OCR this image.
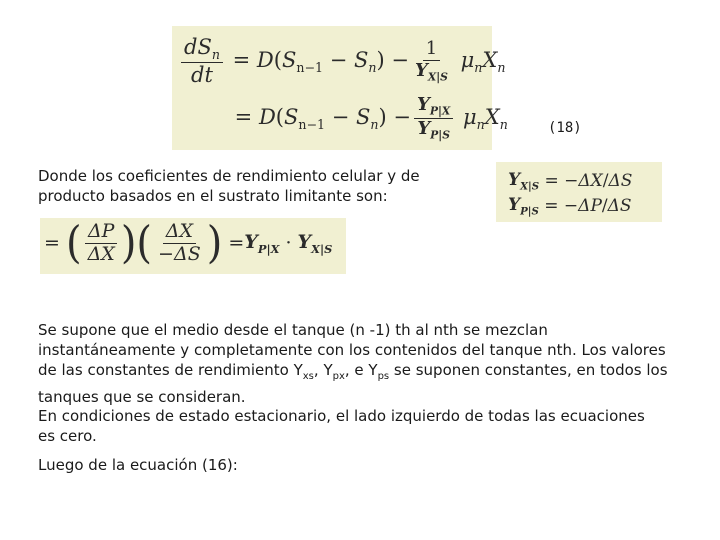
$\frac{dS_n}{dt} = D(S_{n-1} - S_n) - \frac{1}{Y_{X|S}} \mu_nX_n$
= $D(S_{n-1} - S_n) - \frac{Y_{P|X}}{Y_{P|S}} \mu_nX_n$	(18)
Donde los coeficientes de rendimiento celular y de producto basados en el sustrato limitante son:
$Y_{X|S}$ = − ΔX / ΔS
$Y_{P|S}$ = − ΔP / ΔS
= ( $\frac{\Delta P}{\Delta X}$ )( $\frac{\Delta X}{-\Delta S}$ ) = $Y_{P|X} \cdot Y_{X|S}$
Se supone que el medio desde el tanque (n -1) th al nth se mezclan instantáneamente y completamente con los contenidos del tanque nth. Los valores de las constantes de rendimiento $Y_{xs}$, $Y_{px}$, e $Y_{ps}$ se suponen constantes, en todos los tanques que se consideran.
En condiciones de estado estacionario, el lado izquierdo de todas las ecuaciones es cero.
Luego de la ecuación (16):
